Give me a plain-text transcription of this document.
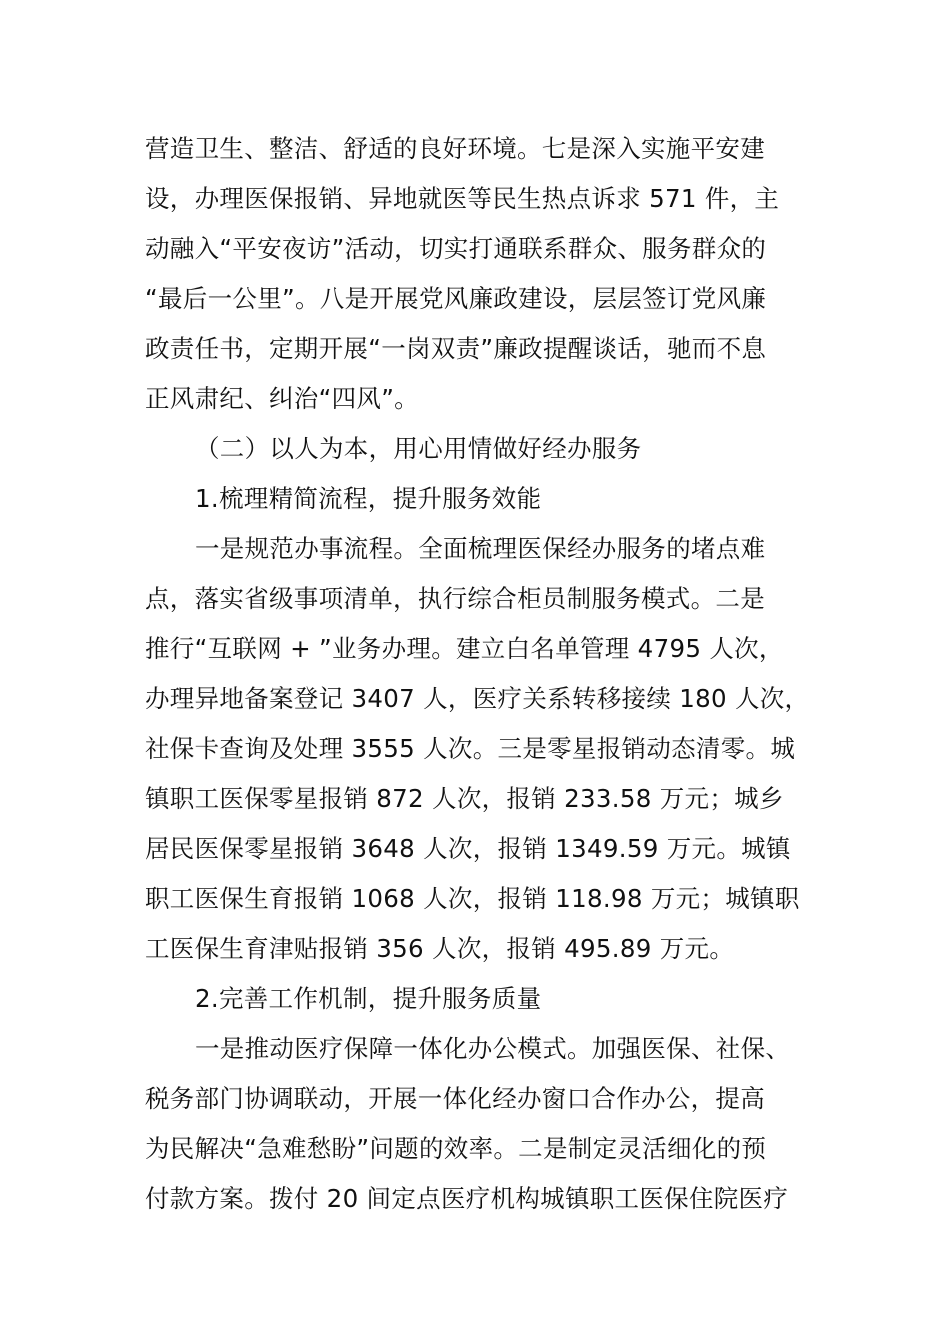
营造卫生、整洁、舒适的良好环境。七是深入实施平安建
设，办理医保报销、异地就医等民生热点诉求 571 件，主
动融入“平安夜访”活动，切实打通联系群众、服务群众的
“最后一公里”。八是开展党风廉政建设，层层签订党风廉
政责任书，定期开展“一岗双责”廉政提醒谈话，驰而不息
正风肃纪、纠治“四风”。
（二）以人为本，用心用情做好经办服务
1.梳理精简流程，提升服务效能
一是规范办事流程。全面梳理医保经办服务的堵点难
点，落实省级事项清单，执行综合柜员制服务模式。二是
推行“互联网 + ”业务办理。建立白名单管理 4795 人次，
办理异地备案登记 3407 人，医疗关系转移接续 180 人次，
社保卡查询及处理 3555 人次。三是零星报销动态清零。城
镇职工医保零星报销 872 人次，报销 233.58 万元；城乡
居民医保零星报销 3648 人次，报销 1349.59 万元。城镇
职工医保生育报销 1068 人次，报销 118.98 万元；城镇职
工医保生育津贴报销 356 人次，报销 495.89 万元。
2.完善工作机制，提升服务质量
一是推动医疗保障一体化办公模式。加强医保、社保、
税务部门协调联动，开展一体化经办窗口合作办公，提高
为民解决“急难愁盼”问题的效率。二是制定灵活细化的预
付款方案。拨付 20 间定点医疗机构城镇职工医保住院医疗
